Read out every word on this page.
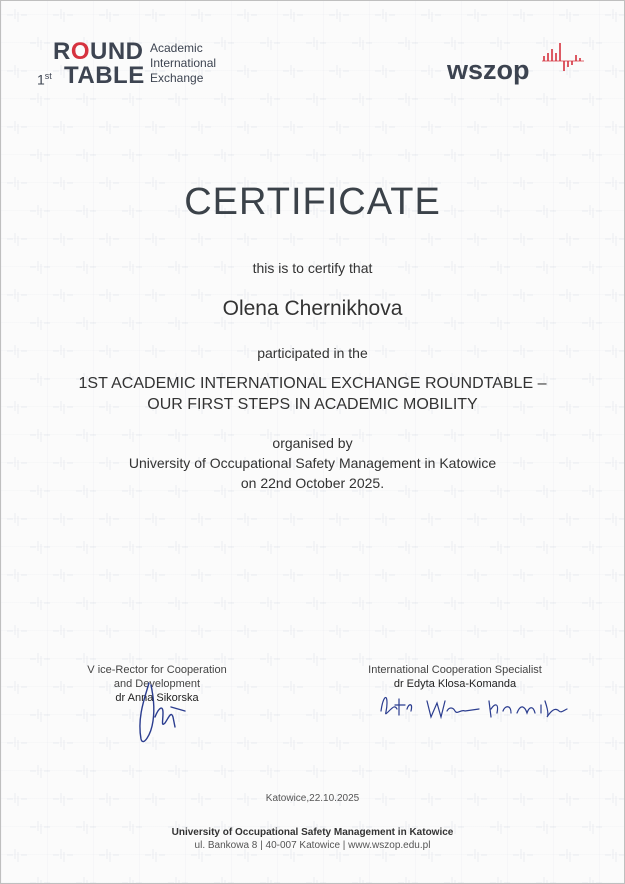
ROUND
1st TABLE
Academic
International
Exchange	wszop
CERTIFICATE
this is to certify that
Olena Chernikhova
participated in the
1ST ACADEMIC INTERNATIONAL EXCHANGE ROUNDTABLE –
OUR FIRST STEPS IN ACADEMIC MOBILITY
organised by
University of Occupational Safety Management in Katowice
on 22nd October 2025.
V ice-Rector for Cooperation
and Development
dr Anna Sikorska
International Cooperation Specialist
dr Edyta Klosa-Komanda
Katowice,22.10.2025
University of Occupational Safety Management in Katowice
ul. Bankowa 8 | 40-007 Katowice | www.wszop.edu.pl
